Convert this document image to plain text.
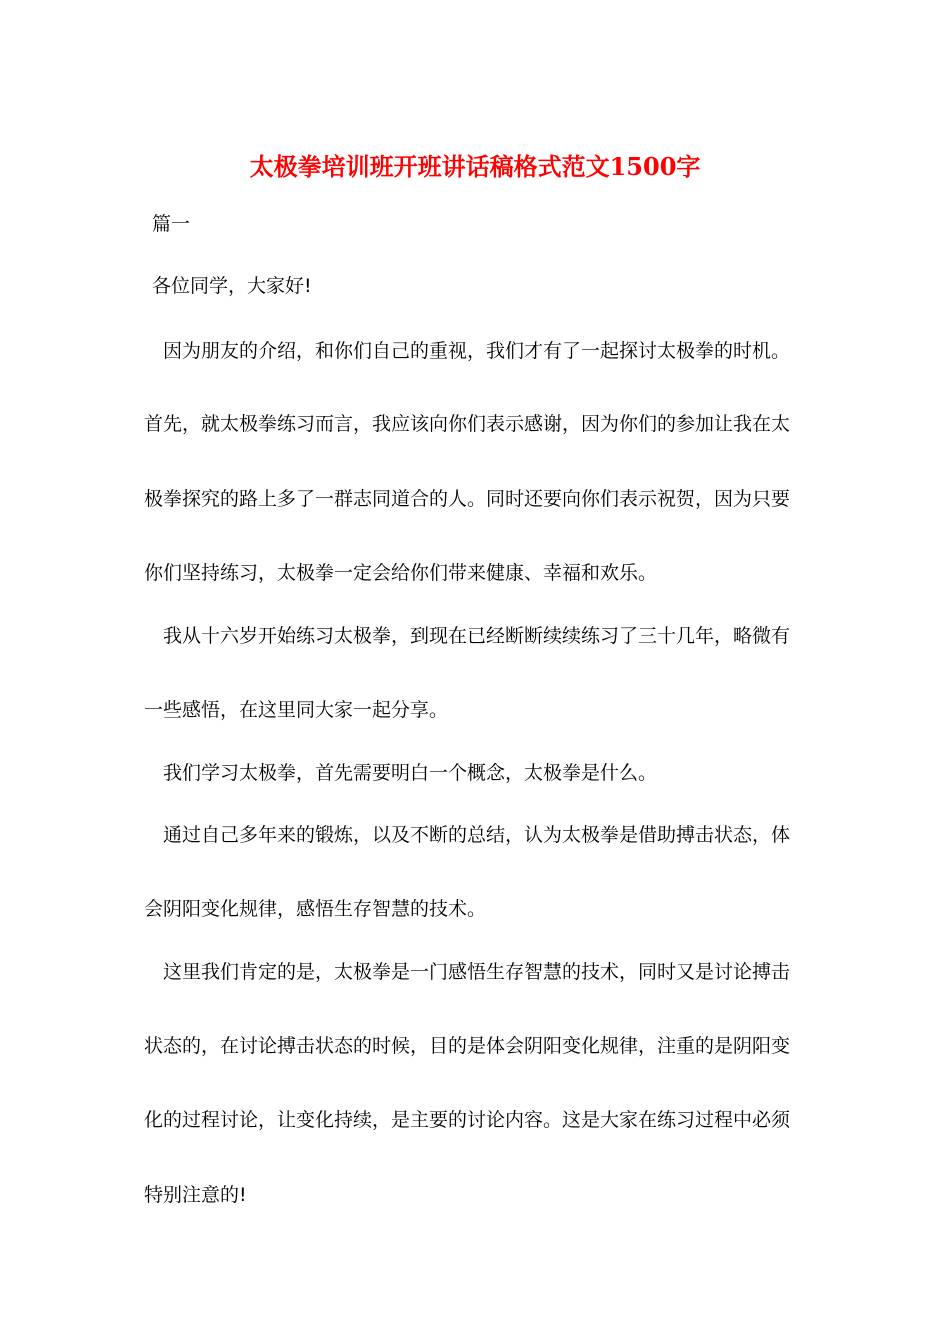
太极拳培训班开班讲话稿格式范文1500字
篇一
各位同学，大家好!
因为朋友的介绍，和你们自己的重视，我们才有了一起探讨太极拳的时机。
首先，就太极拳练习而言，我应该向你们表示感谢，因为你们的参加让我在太
极拳探究的路上多了一群志同道合的人。同时还要向你们表示祝贺，因为只要
你们坚持练习，太极拳一定会给你们带来健康、幸福和欢乐。
我从十六岁开始练习太极拳，到现在已经断断续续练习了三十几年，略微有
一些感悟，在这里同大家一起分享。
我们学习太极拳，首先需要明白一个概念，太极拳是什么。
通过自己多年来的锻炼，以及不断的总结，认为太极拳是借助搏击状态，体
会阴阳变化规律，感悟生存智慧的技术。
这里我们肯定的是，太极拳是一门感悟生存智慧的技术，同时又是讨论搏击
状态的，在讨论搏击状态的时候，目的是体会阴阳变化规律，注重的是阴阳变
化的过程讨论，让变化持续，是主要的讨论内容。这是大家在练习过程中必须
特别注意的!
